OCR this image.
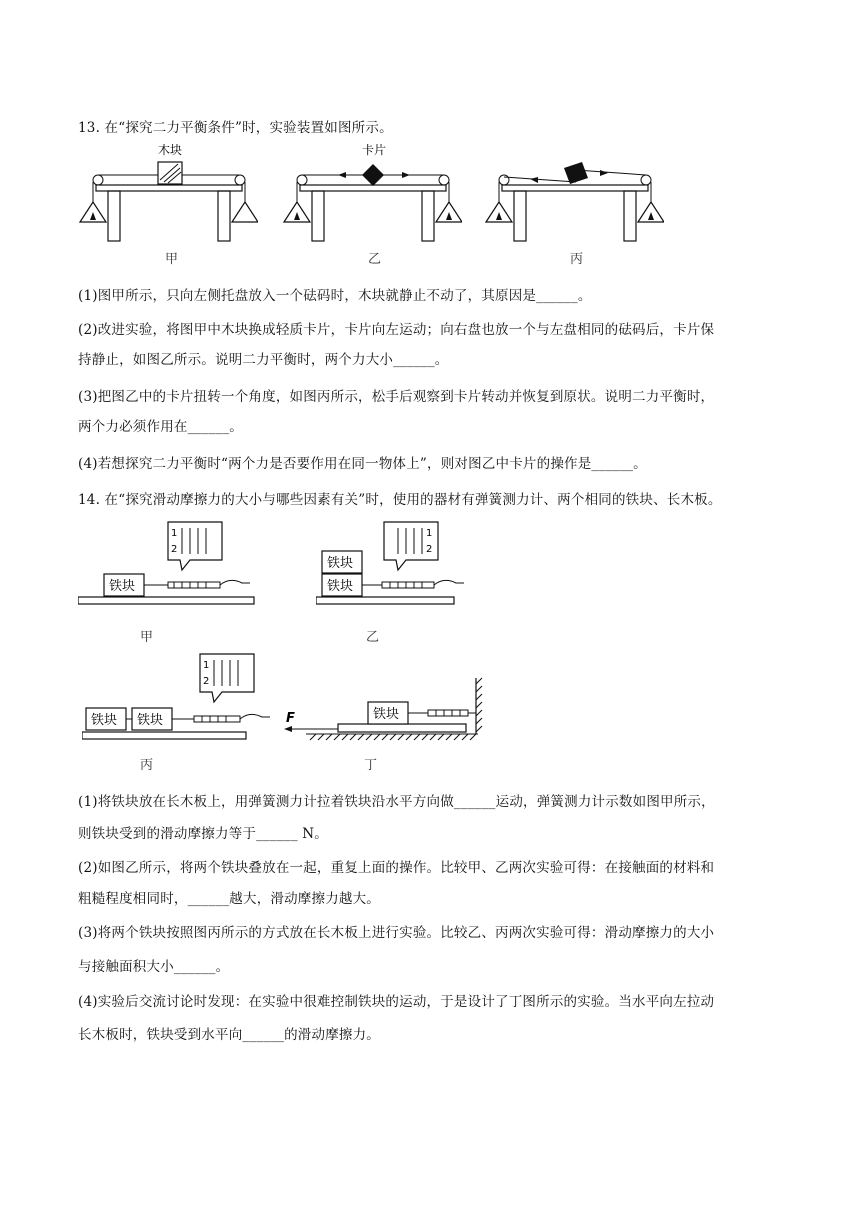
13. 在“探究二力平衡条件”时，实验装置如图所示。
木块
甲
卡片
乙	丙
(1)图甲所示，只向左侧托盘放入一个砝码时，木块就静止不动了，其原因是______。
(2)改进实验，将图甲中木块换成轻质卡片，卡片向左运动；向右盘也放一个与左盘相同的砝码后，卡片保
持静止，如图乙所示。说明二力平衡时，两个力大小______。
(3)把图乙中的卡片扭转一个角度，如图丙所示，松手后观察到卡片转动并恢复到原状。说明二力平衡时，
两个力必须作用在______。
(4)若想探究二力平衡时“两个力是否要作用在同一物体上”，则对图乙中卡片的操作是______。
14. 在“探究滑动摩擦力的大小与哪些因素有关”时，使用的器材有弹簧测力计、两个相同的铁块、长木板。
铁块
1
2
甲
铁块
铁块
1
2
乙
铁块 铁块
1
2
丙
F	铁块
丁
(1)将铁块放在长木板上，用弹簧测力计拉着铁块沿水平方向做______运动，弹簧测力计示数如图甲所示，
则铁块受到的滑动摩擦力等于______ N。
(2)如图乙所示，将两个铁块叠放在一起，重复上面的操作。比较甲、乙两次实验可得：在接触面的材料和
粗糙程度相同时，______越大，滑动摩擦力越大。
(3)将两个铁块按照图丙所示的方式放在长木板上进行实验。比较乙、丙两次实验可得：滑动摩擦力的大小
与接触面积大小______。
(4)实验后交流讨论时发现：在实验中很难控制铁块的运动，于是设计了丁图所示的实验。当水平向左拉动
长木板时，铁块受到水平向______的滑动摩擦力。
